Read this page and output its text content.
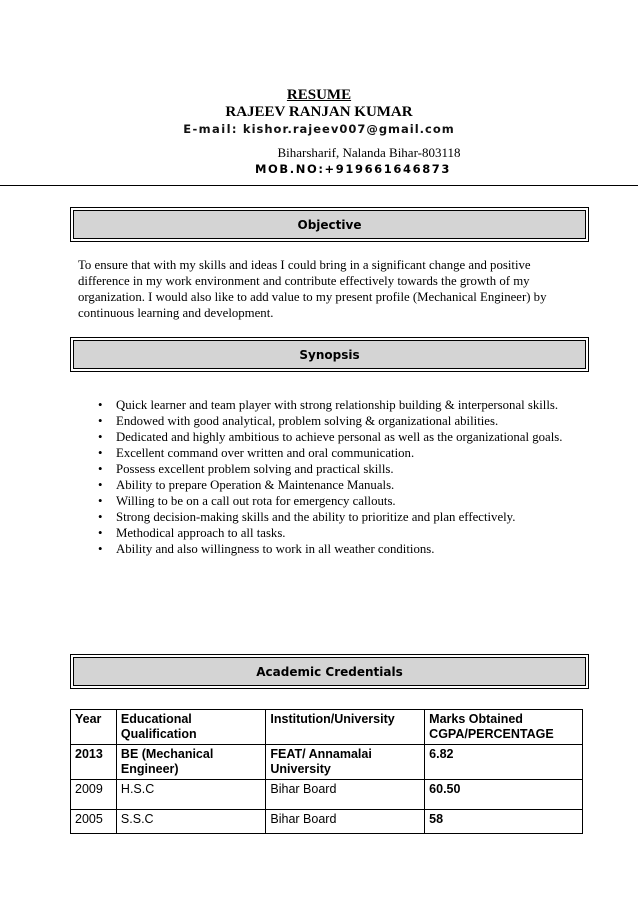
RESUME
RAJEEV RANJAN KUMAR
E-mail: kishor.rajeev007@gmail.com
Biharsharif, Nalanda Bihar-803118
MOB.NO:+919661646873
Objective
To ensure that with my skills and ideas I could bring in a significant change and positive difference in my work environment and contribute effectively towards the growth of my organization. I would also like to add value to my present profile (Mechanical Engineer) by continuous learning and development.
Synopsis
• Quick learner and team player with strong relationship building & interpersonal skills.
• Endowed with good analytical, problem solving & organizational abilities.
• Dedicated and highly ambitious to achieve personal as well as the organizational goals.
• Excellent command over written and oral communication.
• Possess excellent problem solving and practical skills.
• Ability to prepare Operation & Maintenance Manuals.
• Willing to be on a call out rota for emergency callouts.
• Strong decision-making skills and the ability to prioritize and plan effectively.
• Methodical approach to all tasks.
• Ability and also willingness to work in all weather conditions.
Academic Credentials
Year	Educational Qualification	Institution/University	Marks Obtained CGPA/PERCENTAGE
2013	BE (Mechanical Engineer)	FEAT/ Annamalai University	6.82
2009	H.S.C	Bihar Board	60.50
2005	S.S.C	Bihar Board	58
